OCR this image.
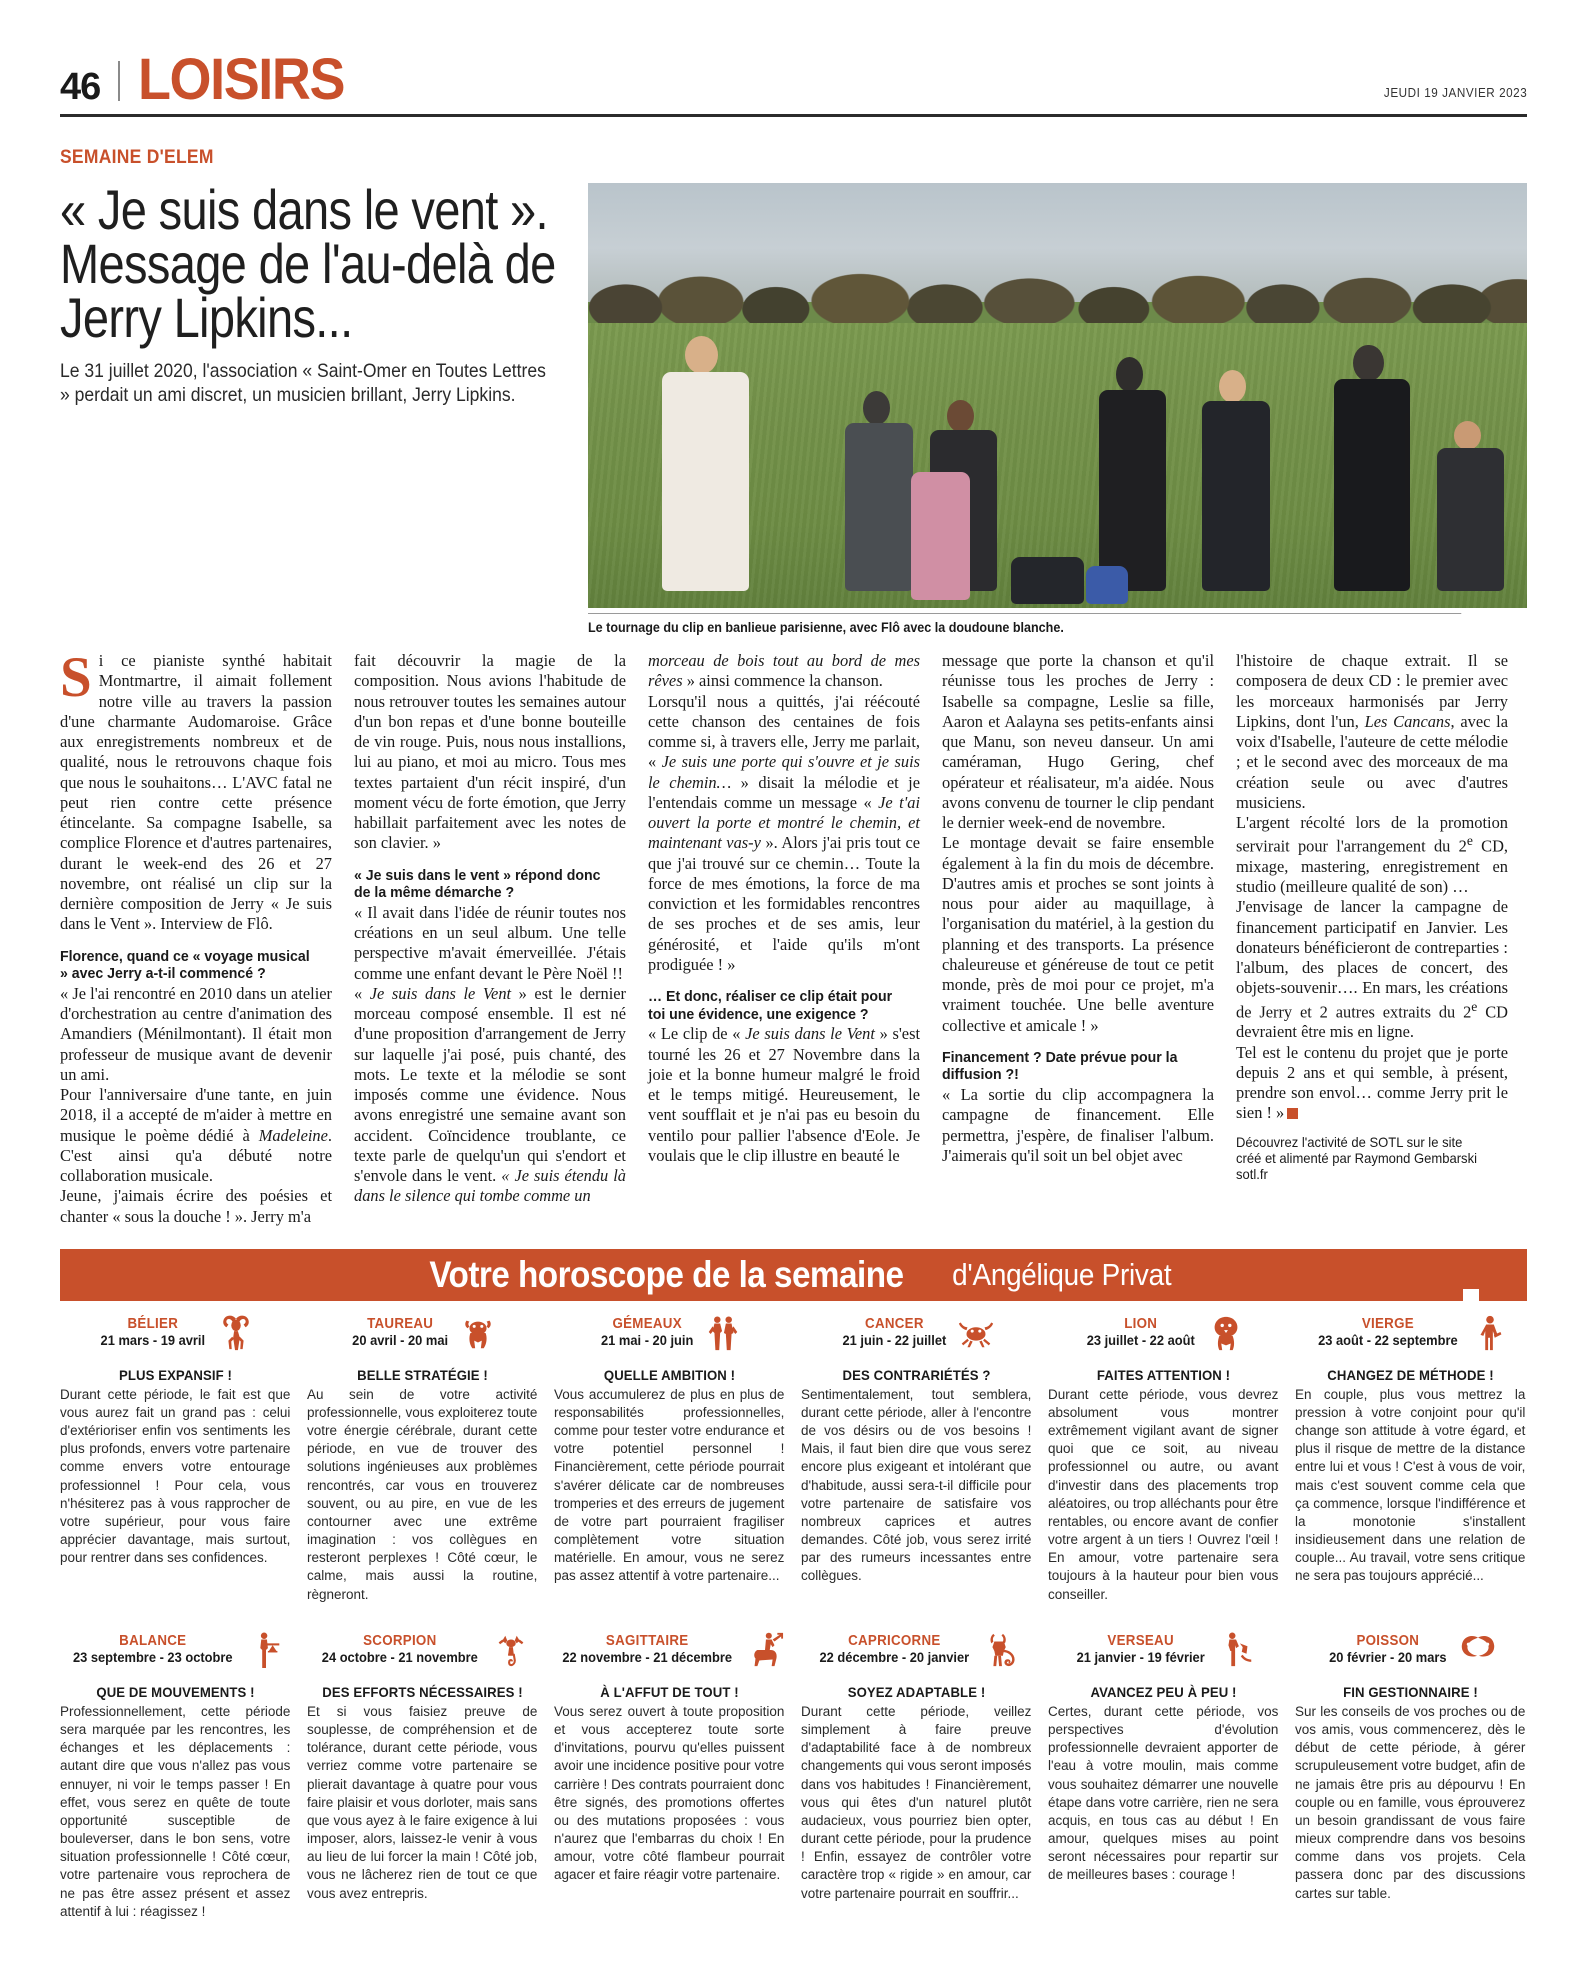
46 LOISIRS	JEUDI 19 JANVIER 2023
SEMAINE D'ELEM
« Je suis dans le vent ». Message de l'au-delà de Jerry Lipkins...
Le 31 juillet 2020, l'association « Saint-Omer en Toutes Lettres » perdait un ami discret, un musicien brillant, Jerry Lipkins.
Le tournage du clip en banlieue parisienne, avec Flô avec la doudoune blanche.

Si ce pianiste synthé habitait Montmartre, il aimait follement notre ville au travers la passion d'une charmante Audomaroise. Grâce aux enregistrements nombreux et de qualité, nous le retrouvons chaque fois que nous le souhaitons… L'AVC fatal ne peut rien contre cette présence étincelante. Sa compagne Isabelle, sa complice Florence et d'autres partenaires, durant le week-end des 26 et 27 novembre, ont réalisé un clip sur la dernière composition de Jerry « Je suis dans le Vent ». Interview de Flô.

Florence, quand ce « voyage musical » avec Jerry a-t-il commencé ?

« Je l'ai rencontré en 2010 dans un atelier d'orchestration au centre d'animation des Amandiers (Ménilmontant). Il était mon professeur de musique avant de devenir un ami.

Pour l'anniversaire d'une tante, en juin 2018, il a accepté de m'aider à mettre en musique le poème dédié à Madeleine. C'est ainsi qu'a débuté notre collaboration musicale.

Jeune, j'aimais écrire des poésies et chanter « sous la douche ! ». Jerry m'a

fait découvrir la magie de la composition. Nous avions l'habitude de nous retrouver toutes les semaines autour d'un bon repas et d'une bonne bouteille de vin rouge. Puis, nous nous installions, lui au piano, et moi au micro. Tous mes textes partaient d'un récit inspiré, d'un moment vécu de forte émotion, que Jerry habillait parfaitement avec les notes de son clavier. »

« Je suis dans le vent » répond donc de la même démarche ?

« Il avait dans l'idée de réunir toutes nos créations en un seul album. Une telle perspective m'avait émerveillée. J'étais comme une enfant devant le Père Noël !!

« Je suis dans le Vent » est le dernier morceau composé ensemble. Il est né d'une proposition d'arrangement de Jerry sur laquelle j'ai posé, puis chanté, des mots. Le texte et la mélodie se sont imposés comme une évidence. Nous avons enregistré une semaine avant son accident. Coïncidence troublante, ce texte parle de quelqu'un qui s'endort et s'envole dans le vent. « Je suis étendu là dans le silence qui tombe comme un

morceau de bois tout au bord de mes rêves » ainsi commence la chanson.

Lorsqu'il nous a quittés, j'ai réécouté cette chanson des centaines de fois comme si, à travers elle, Jerry me parlait, « Je suis une porte qui s'ouvre et je suis le chemin… » disait la mélodie et je l'entendais comme un message « Je t'ai ouvert la porte et montré le chemin, et maintenant vas-y ». Alors j'ai pris tout ce que j'ai trouvé sur ce chemin… Toute la force de mes émotions, la force de ma conviction et les formidables rencontres de ses proches et de ses amis, leur générosité, et l'aide qu'ils m'ont prodiguée ! »

… Et donc, réaliser ce clip était pour toi une évidence, une exigence ?

« Le clip de « Je suis dans le Vent » s'est tourné les 26 et 27 Novembre dans la joie et la bonne humeur malgré le froid et le temps mitigé. Heureusement, le vent soufflait et je n'ai pas eu besoin du ventilo pour pallier l'absence d'Eole. Je voulais que le clip illustre en beauté le

message que porte la chanson et qu'il réunisse tous les proches de Jerry : Isabelle sa compagne, Leslie sa fille, Aaron et Aalayna ses petits-enfants ainsi que Manu, son neveu danseur. Un ami caméraman, Hugo Gering, chef opérateur et réalisateur, m'a aidée. Nous avons convenu de tourner le clip pendant le dernier week-end de novembre.

Le montage devait se faire ensemble également à la fin du mois de décembre. D'autres amis et proches se sont joints à nous pour aider au maquillage, à l'organisation du matériel, à la gestion du planning et des transports. La présence chaleureuse et généreuse de tout ce petit monde, près de moi pour ce projet, m'a vraiment touchée. Une belle aventure collective et amicale ! »

Financement ? Date prévue pour la diffusion ?!

« La sortie du clip accompagnera la campagne de financement. Elle permettra, j'espère, de finaliser l'album. J'aimerais qu'il soit un bel objet avec

l'histoire de chaque extrait. Il se composera de deux CD : le premier avec les morceaux harmonisés par Jerry Lipkins, dont l'un, Les Cancans, avec la voix d'Isabelle, l'auteure de cette mélodie ; et le second avec des morceaux de ma création seule ou avec d'autres musiciens.

L'argent récolté lors de la promotion servirait pour l'arrangement du 2e CD, mixage, mastering, enregistrement en studio (meilleure qualité de son) …

J'envisage de lancer la campagne de financement participatif en Janvier. Les donateurs bénéficieront de contreparties : l'album, des places de concert, des objets-souvenir…. En mars, les créations de Jerry et 2 autres extraits du 2e CD devraient être mis en ligne.

Tel est le contenu du projet que je porte depuis 2 ans et qui semble, à présent, prendre son envol… comme Jerry prit le sien ! »

Découvrez l'activité de SOTL sur le site créé et alimenté par Raymond Gembarski sotl.fr

Votre horoscope de la semaine d'Angélique Privat
BÉLIER
21 mars - 19 avril
TAUREAU
20 avril - 20 mai
GÉMEAUX
21 mai - 20 juin
CANCER
21 juin - 22 juillet
LION
23 juillet - 22 août
VIERGE
23 août - 22 septembre
PLUS EXPANSIF !
Durant cette période, le fait est que vous aurez fait un grand pas : celui d'extérioriser enfin vos sentiments les plus profonds, envers votre partenaire comme envers votre entourage professionnel ! Pour cela, vous n'hésiterez pas à vous rapprocher de votre supérieur, pour vous faire apprécier davantage, mais surtout, pour rentrer dans ses confidences.
BELLE STRATÉGIE !
Au sein de votre activité professionnelle, vous exploiterez toute votre énergie cérébrale, durant cette période, en vue de trouver des solutions ingénieuses aux problèmes rencontrés, car vous en trouverez souvent, ou au pire, en vue de les contourner avec une extrême imagination : vos collègues en resteront perplexes ! Côté cœur, le calme, mais aussi la routine, règneront.
QUELLE AMBITION !
Vous accumulerez de plus en plus de responsabilités professionnelles, comme pour tester votre endurance et votre potentiel personnel ! Financièrement, cette période pourrait s'avérer délicate car de nombreuses tromperies et des erreurs de jugement de votre part pourraient fragiliser complètement votre situation matérielle. En amour, vous ne serez pas assez attentif à votre partenaire...
DES CONTRARIÉTÉS ?
Sentimentalement, tout semblera, durant cette période, aller à l'encontre de vos désirs ou de vos besoins ! Mais, il faut bien dire que vous serez encore plus exigeant et intolérant que d'habitude, aussi sera-t-il difficile pour votre partenaire de satisfaire vos nombreux caprices et autres demandes. Côté job, vous serez irrité par des rumeurs incessantes entre collègues.
FAITES ATTENTION !
Durant cette période, vous devrez absolument vous montrer extrêmement vigilant avant de signer quoi que ce soit, au niveau professionnel ou autre, ou avant d'investir dans des placements trop aléatoires, ou trop alléchants pour être rentables, ou encore avant de confier votre argent à un tiers ! Ouvrez l'œil ! En amour, votre partenaire sera toujours à la hauteur pour bien vous conseiller.
CHANGEZ DE MÉTHODE !
En couple, plus vous mettrez la pression à votre conjoint pour qu'il change son attitude à votre égard, et plus il risque de mettre de la distance entre lui et vous ! C'est à vous de voir, mais c'est souvent comme cela que ça commence, lorsque l'indifférence et la monotonie s'installent insidieusement dans une relation de couple... Au travail, votre sens critique ne sera pas toujours apprécié...
BALANCE
23 septembre - 23 octobre
SCORPION
24 octobre - 21 novembre
SAGITTAIRE
22 novembre - 21 décembre
CAPRICORNE
22 décembre - 20 janvier
VERSEAU
21 janvier - 19 février
POISSON
20 février - 20 mars
QUE DE MOUVEMENTS !
Professionnellement, cette période sera marquée par les rencontres, les échanges et les déplacements : autant dire que vous n'allez pas vous ennuyer, ni voir le temps passer ! En effet, vous serez en quête de toute opportunité susceptible de bouleverser, dans le bon sens, votre situation professionnelle ! Côté cœur, votre partenaire vous reprochera de ne pas être assez présent et assez attentif à lui : réagissez !
DES EFFORTS NÉCESSAIRES !
Et si vous faisiez preuve de souplesse, de compréhension et de tolérance, durant cette période, vous verriez comme votre partenaire se plierait davantage à quatre pour vous faire plaisir et vous dorloter, mais sans que vous ayez à le faire exigence à lui imposer, alors, laissez-le venir à vous au lieu de lui forcer la main ! Côté job, vous ne lâcherez rien de tout ce que vous avez entrepris.
À L'AFFUT DE TOUT !
Vous serez ouvert à toute proposition et vous accepterez toute sorte d'invitations, pourvu qu'elles puissent avoir une incidence positive pour votre carrière ! Des contrats pourraient donc être signés, des promotions offertes ou des mutations proposées : vous n'aurez que l'embarras du choix ! En amour, votre côté flambeur pourrait agacer et faire réagir votre partenaire.
SOYEZ ADAPTABLE !
Durant cette période, veillez simplement à faire preuve d'adaptabilité face à de nombreux changements qui vous seront imposés dans vos habitudes ! Financièrement, vous qui êtes d'un naturel plutôt audacieux, vous pourriez bien opter, durant cette période, pour la prudence ! Enfin, essayez de contrôler votre caractère trop « rigide » en amour, car votre partenaire pourrait en souffrir...
AVANCEZ PEU À PEU !
Certes, durant cette période, vos perspectives d'évolution professionnelle devraient apporter de l'eau à votre moulin, mais comme vous souhaitez démarrer une nouvelle étape dans votre carrière, rien ne sera acquis, en tous cas au début ! En amour, quelques mises au point seront nécessaires pour repartir sur de meilleures bases : courage !
FIN GESTIONNAIRE !
Sur les conseils de vos proches ou de vos amis, vous commencerez, dès le début de cette période, à gérer scrupuleusement votre budget, afin de ne jamais être pris au dépourvu ! En couple ou en famille, vous éprouverez un besoin grandissant de vous faire mieux comprendre dans vos besoins comme dans vos projets. Cela passera donc par des discussions cartes sur table.
